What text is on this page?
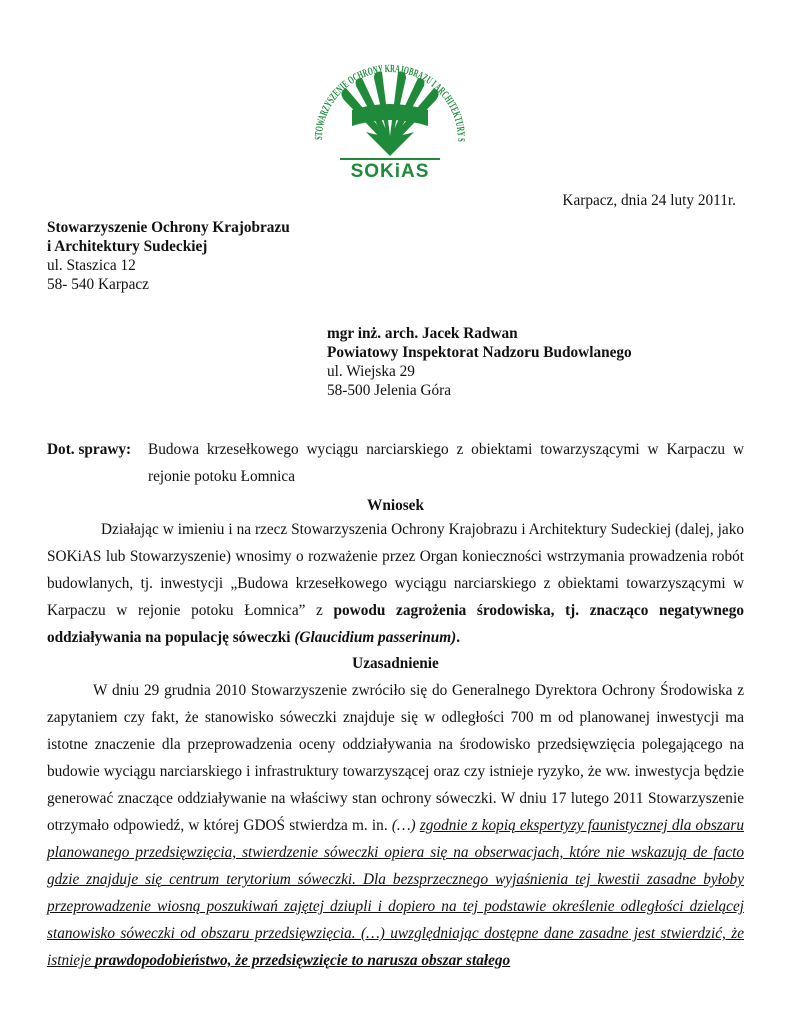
STOWARZYSZENIE OCHRONY KRAJOBRAZU I ARCHITEKTURY S
SOKiAS
Karpacz, dnia 24 luty 2011r.
Stowarzyszenie Ochrony Krajobrazu
i Architektury Sudeckiej
ul. Staszica 12
58- 540 Karpacz
mgr inż. arch. Jacek Radwan
Powiatowy Inspektorat Nadzoru Budowlanego
ul. Wiejska 29
58-500 Jelenia Góra
Dot. sprawy: Budowa krzesełkowego wyciągu narciarskiego z obiektami towarzyszącymi w Karpaczu w
rejonie potoku Łomnica
Wniosek
Działając w imieniu i na rzecz Stowarzyszenia Ochrony Krajobrazu i Architektury Sudeckiej (dalej, jako SOKiAS lub Stowarzyszenie) wnosimy o rozważenie przez Organ konieczności wstrzymania prowadzenia robót budowlanych, tj. inwestycji „Budowa krzesełkowego wyciągu narciarskiego z obiektami towarzyszącymi w Karpaczu w rejonie potoku Łomnica” z powodu zagrożenia środowiska, tj. znacząco negatywnego oddziaływania na populację sóweczki (Glaucidium passerinum).
Uzasadnienie
W dniu 29 grudnia 2010 Stowarzyszenie zwróciło się do Generalnego Dyrektora Ochrony Środowiska z zapytaniem czy fakt, że stanowisko sóweczki znajduje się w odległości 700 m od planowanej inwestycji ma istotne znaczenie dla przeprowadzenia oceny oddziaływania na środowisko przedsięwzięcia polegającego na budowie wyciągu narciarskiego i infrastruktury towarzyszącej oraz czy istnieje ryzyko, że ww. inwestycja będzie generować znaczące oddziaływanie na właściwy stan ochrony sóweczki. W dniu 17 lutego 2011 Stowarzyszenie otrzymało odpowiedź, w której GDOŚ stwierdza m. in. (…) zgodnie z kopią ekspertyzy faunistycznej dla obszaru planowanego przedsięwzięcia, stwierdzenie sóweczki opiera się na obserwacjach, które nie wskazują de facto gdzie znajduje się centrum terytorium sóweczki. Dla bezsprzecznego wyjaśnienia tej kwestii zasadne byłoby przeprowadzenie wiosną poszukiwań zajętej dziupli i dopiero na tej podstawie określenie odległości dzielącej stanowisko sóweczki od obszaru przedsięwzięcia. (…) uwzględniając dostępne dane zasadne jest stwierdzić, że istnieje prawdopodobieństwo, że przedsięwzięcie to narusza obszar stałego
